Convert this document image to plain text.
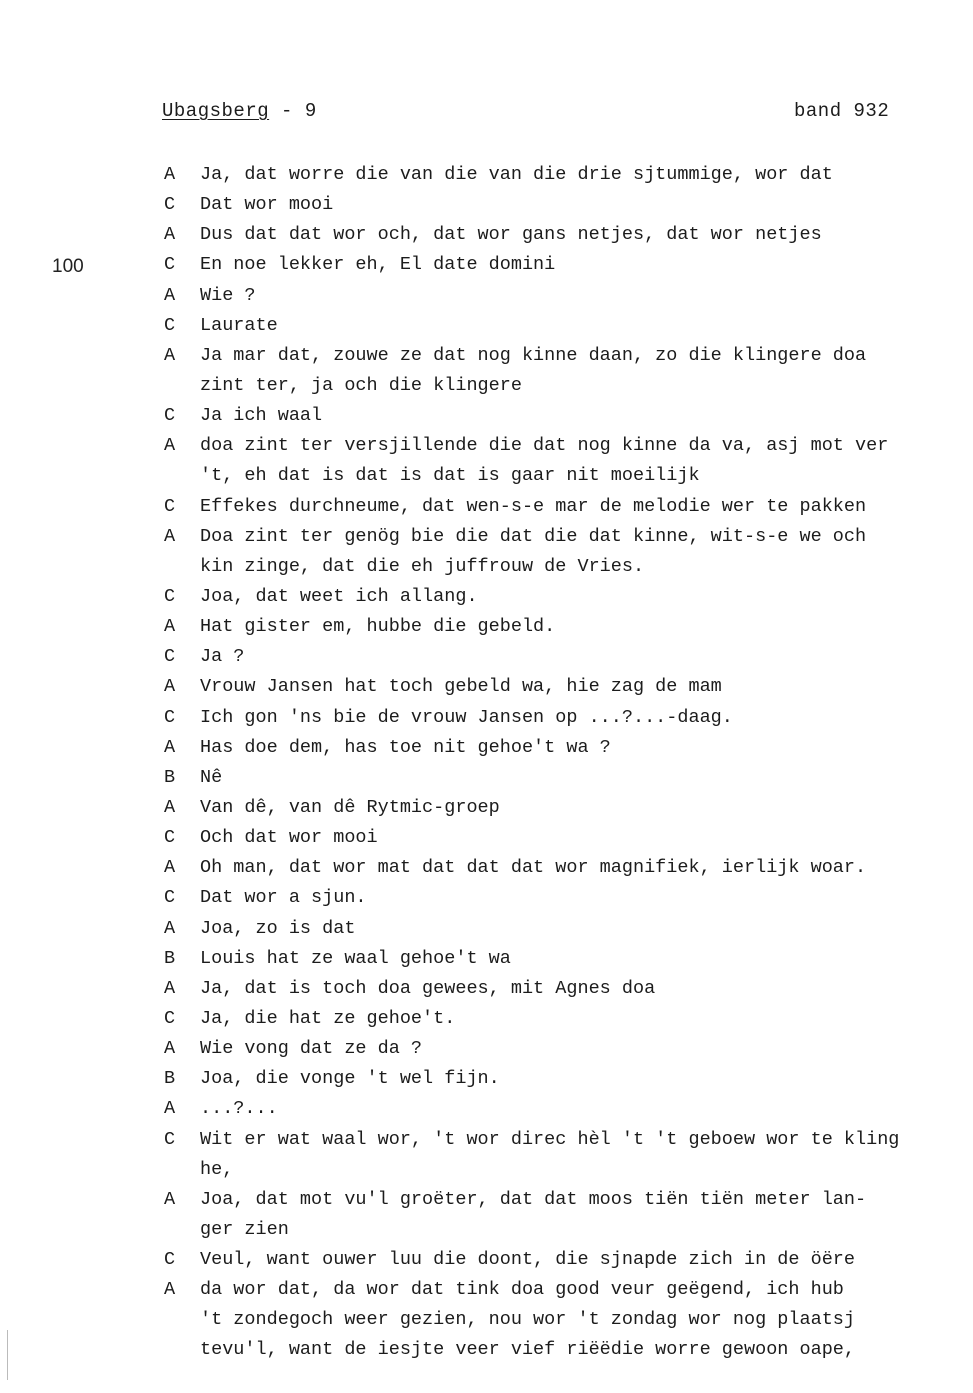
Ubagsberg - 9	band 932
100
A	Ja, dat worre die van die van die drie sjtummige, wor dat
C	Dat wor mooi
A	Dus dat dat wor och, dat wor gans netjes, dat wor netjes
C	En noe lekker eh, El date domini
A	Wie ?
C	Laurate
A	Ja mar dat, zouwe ze dat nog kinne daan, zo die klingere doa
zint ter, ja och die klingere
C	Ja ich waal
A	doa zint ter versjillende die dat nog kinne da va, asj mot ver
't, eh dat is dat is dat is gaar nit moeilijk
C	Effekes durchneume, dat wen-s-e mar de melodie wer te pakken
A	Doa zint ter genög bie die dat die dat kinne, wit-s-e we och
kin zinge, dat die eh juffrouw de Vries.
C	Joa, dat weet ich allang.
A	Hat gister em, hubbe die gebeld.
C	Ja ?
A	Vrouw Jansen hat toch gebeld wa, hie zag de mam
C	Ich gon 'ns bie de vrouw Jansen op ...?...-daag.
A	Has doe dem, has toe nit gehoe't wa ?
B	Nê
A	Van dê, van dê Rytmic-groep
C	Och dat wor mooi
A	Oh man, dat wor mat dat dat dat wor magnifiek, ierlijk woar.
C	Dat wor a sjun.
A	Joa, zo is dat
B	Louis hat ze waal gehoe't wa
A	Ja, dat is toch doa gewees, mit Agnes doa
C	Ja, die hat ze gehoe't.
A	Wie vong dat ze da ?
B	Joa, die vonge 't wel fijn.
A	...?...
C	Wit er wat waal wor, 't wor direc hèl 't 't geboew wor te kling
he,
A	Joa, dat mot vu'l groëter, dat dat moos tiën tiën meter lan-
ger zien
C	Veul, want ouwer luu die doont, die sjnapde zich in de öëre
A	da wor dat, da wor dat tink doa good veur geëgend, ich hub
't zondegoch weer gezien, nou wor 't zondag wor nog plaatsj
tevu'l, want de iesjte veer vief riëëdie worre gewoon oape,
